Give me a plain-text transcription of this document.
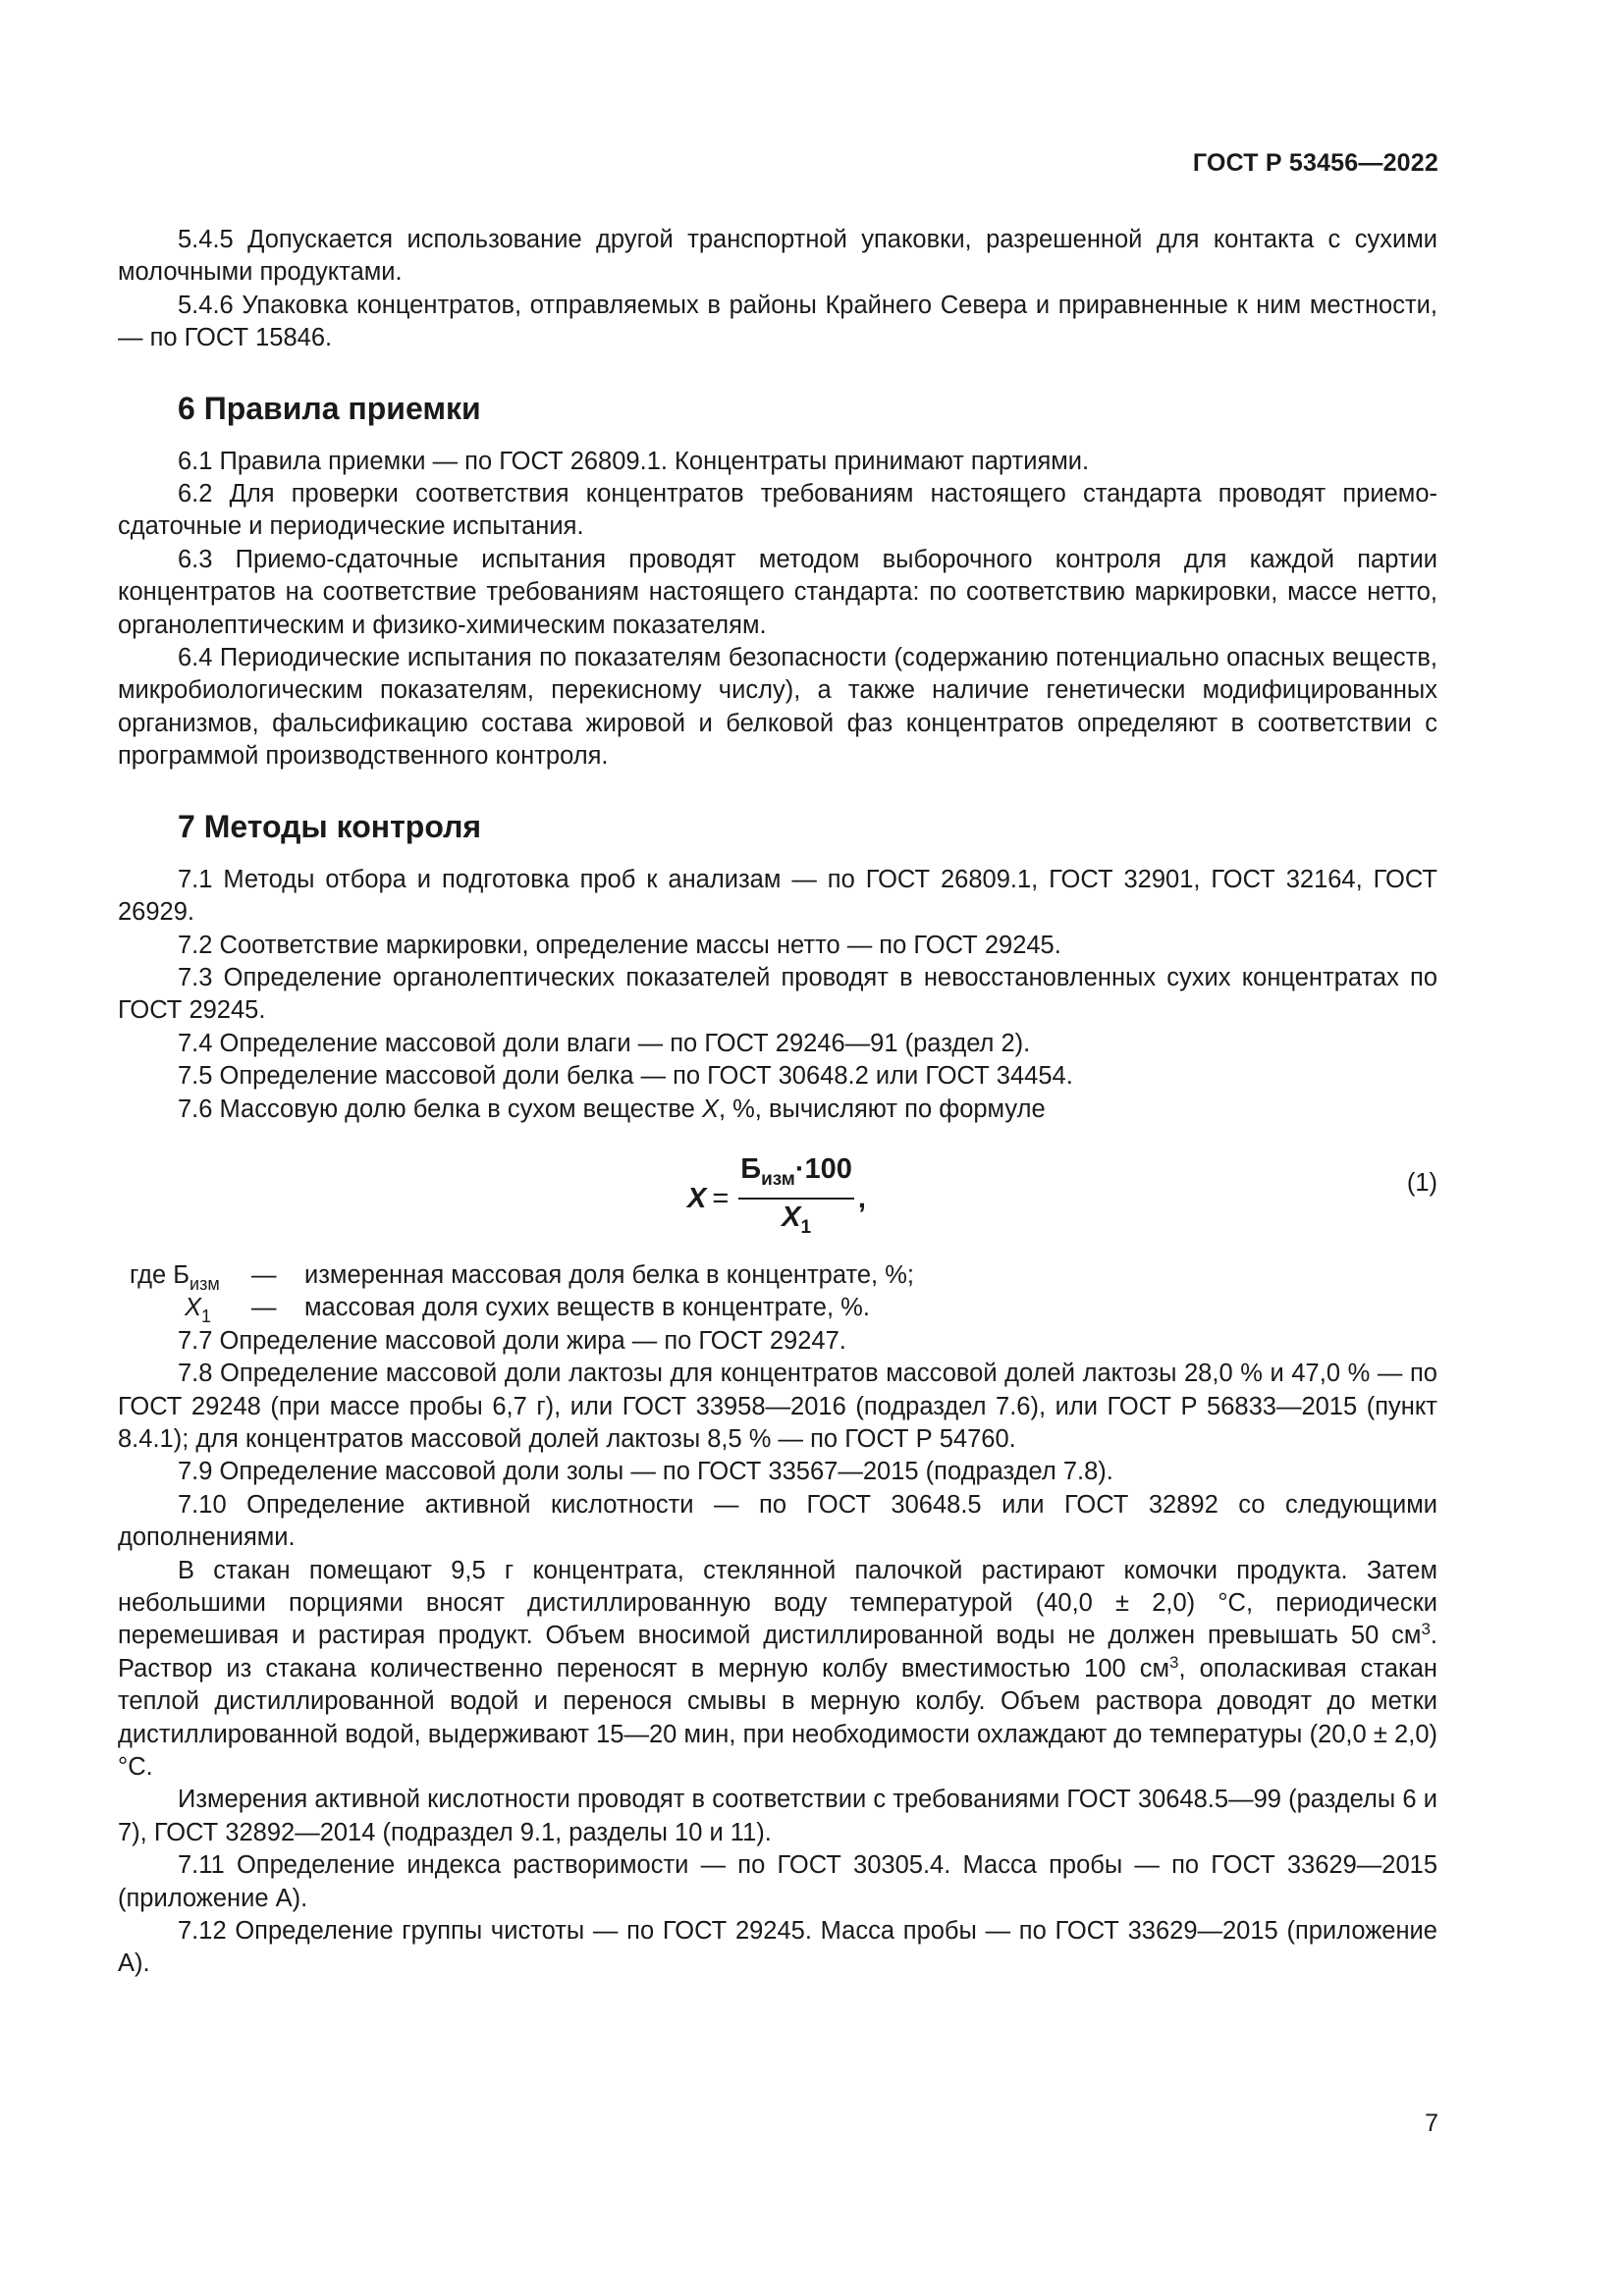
ГОСТ Р 53456—2022

5.4.5 Допускается использование другой транспортной упаковки, разрешенной для контакта с сухими молочными продуктами.

5.4.6 Упаковка концентратов, отправляемых в районы Крайнего Севера и приравненные к ним местности, — по ГОСТ 15846.

6 Правила приемки

6.1 Правила приемки — по ГОСТ 26809.1. Концентраты принимают партиями.

6.2 Для проверки соответствия концентратов требованиям настоящего стандарта проводят приемо-сдаточные и периодические испытания.

6.3 Приемо-сдаточные испытания проводят методом выборочного контроля для каждой партии концентратов на соответствие требованиям настоящего стандарта: по соответствию маркировки, массе нетто, органолептическим и физико-химическим показателям.

6.4 Периодические испытания по показателям безопасности (содержанию потенциально опасных веществ, микробиологическим показателям, перекисному числу), а также наличие генетически модифицированных организмов, фальсификацию состава жировой и белковой фаз концентратов определяют в соответствии с программой производственного контроля.

7 Методы контроля

7.1 Методы отбора и подготовка проб к анализам — по ГОСТ 26809.1, ГОСТ 32901, ГОСТ 32164, ГОСТ 26929.

7.2 Соответствие маркировки, определение массы нетто — по ГОСТ 29245.

7.3 Определение органолептических показателей проводят в невосстановленных сухих концентратах по ГОСТ 29245.

7.4 Определение массовой доли влаги — по ГОСТ 29246—91 (раздел 2).

7.5 Определение массовой доли белка — по ГОСТ 30648.2 или ГОСТ 34454.

7.6 Массовую долю белка в сухом веществе X, %, вычисляют по формуле

$X = \frac{Б_{изм}\cdot 100}{X_1}$ ,	(1)
где $Б_{изм}$ — измеренная массовая доля белка в концентрате, %;
$X_1$ — массовая доля сухих веществ в концентрате, %.

7.7 Определение массовой доли жира — по ГОСТ 29247.

7.8 Определение массовой доли лактозы для концентратов массовой долей лактозы 28,0 % и 47,0 % — по ГОСТ 29248 (при массе пробы 6,7 г), или ГОСТ 33958—2016 (подраздел 7.6), или ГОСТ Р 56833—2015 (пункт 8.4.1); для концентратов массовой долей лактозы 8,5 % — по ГОСТ Р 54760.

7.9 Определение массовой доли золы — по ГОСТ 33567—2015 (подраздел 7.8).

7.10 Определение активной кислотности — по ГОСТ 30648.5 или ГОСТ 32892 со следующими дополнениями.

В стакан помещают 9,5 г концентрата, стеклянной палочкой растирают комочки продукта. Затем небольшими порциями вносят дистиллированную воду температурой (40,0 ± 2,0) °С, периодически перемешивая и растирая продукт. Объем вносимой дистиллированной воды не должен превышать 50 $см^3$. Раствор из стакана количественно переносят в мерную колбу вместимостью 100 $см^3$, ополаскивая стакан теплой дистиллированной водой и перенося смывы в мерную колбу. Объем раствора доводят до метки дистиллированной водой, выдерживают 15—20 мин, при необходимости охлаждают до температуры (20,0 ± 2,0) °С.

Измерения активной кислотности проводят в соответствии с требованиями ГОСТ 30648.5—99 (разделы 6 и 7), ГОСТ 32892—2014 (подраздел 9.1, разделы 10 и 11).

7.11 Определение индекса растворимости — по ГОСТ 30305.4. Масса пробы — по ГОСТ 33629—2015 (приложение А).

7.12 Определение группы чистоты — по ГОСТ 29245. Масса пробы — по ГОСТ 33629—2015 (приложение А).

7
